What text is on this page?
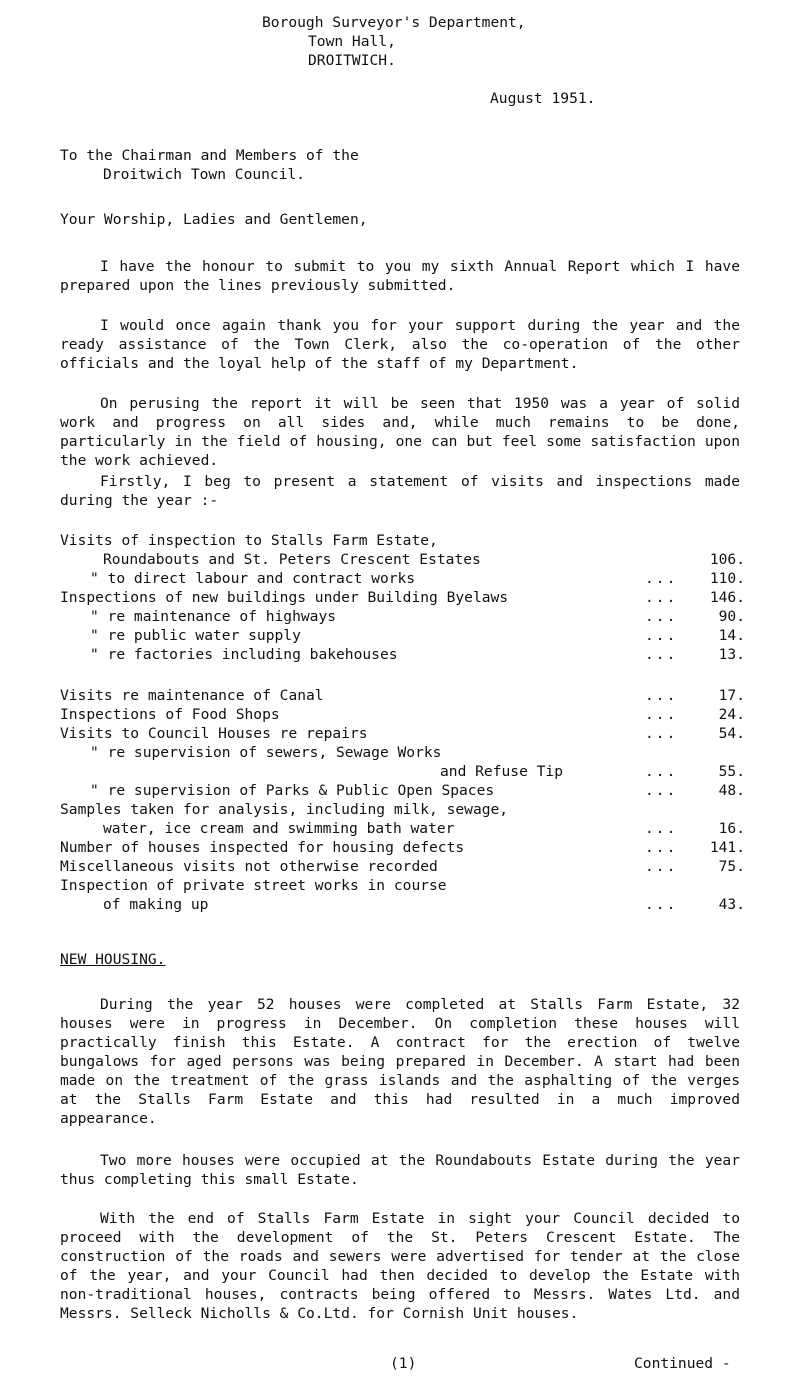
Borough Surveyor's Department,
Town Hall,
DROITWICH.
August 1951.
To the Chairman and Members of the
Droitwich Town Council.
Your Worship, Ladies and Gentlemen,
I have the honour to submit to you my sixth Annual Report which I have prepared upon the lines previously submitted.
I would once again thank you for your support during the year and the ready assistance of the Town Clerk, also the co-operation of the other officials and the loyal help of the staff of my Department.
On perusing the report it will be seen that 1950 was a year of solid work and progress on all sides and, while much remains to be done, particularly in the field of housing, one can but feel some satisfaction upon the work achieved.
Firstly, I beg to present a statement of visits and inspections made during the year :-
Visits of inspection to Stalls Farm Estate,
Roundabouts and St. Peters Crescent Estates	106.
" to direct labour and contract works	...	110.
Inspections of new buildings under Building Byelaws	...	146.
" re maintenance of highways	...	90.
" re public water supply	...	14.
" re factories including bakehouses	...	13.
Visits re maintenance of Canal	...	17.
Inspections of Food Shops	...	24.
Visits to Council Houses re repairs	...	54.
" re supervision of sewers, Sewage Works
and Refuse Tip	...	55.
" re supervision of Parks & Public Open Spaces	...	48.
Samples taken for analysis, including milk, sewage,
water, ice cream and swimming bath water	...	16.
Number of houses inspected for housing defects	...	141.
Miscellaneous visits not otherwise recorded	...	75.
Inspection of private street works in course
of making up	...	43.
NEW HOUSING.
During the year 52 houses were completed at Stalls Farm Estate, 32 houses were in progress in December. On completion these houses will practically finish this Estate. A contract for the erection of twelve bungalows for aged persons was being prepared in December. A start had been made on the treatment of the grass islands and the asphalting of the verges at the Stalls Farm Estate and this had resulted in a much improved appearance.
Two more houses were occupied at the Roundabouts Estate during the year thus completing this small Estate.
With the end of Stalls Farm Estate in sight your Council decided to proceed with the development of the St. Peters Crescent Estate. The construction of the roads and sewers were advertised for tender at the close of the year, and your Council had then decided to develop the Estate with non-traditional houses, contracts being offered to Messrs. Wates Ltd. and Messrs. Selleck Nicholls & Co.Ltd. for Cornish Unit houses.
(1)	Continued -
